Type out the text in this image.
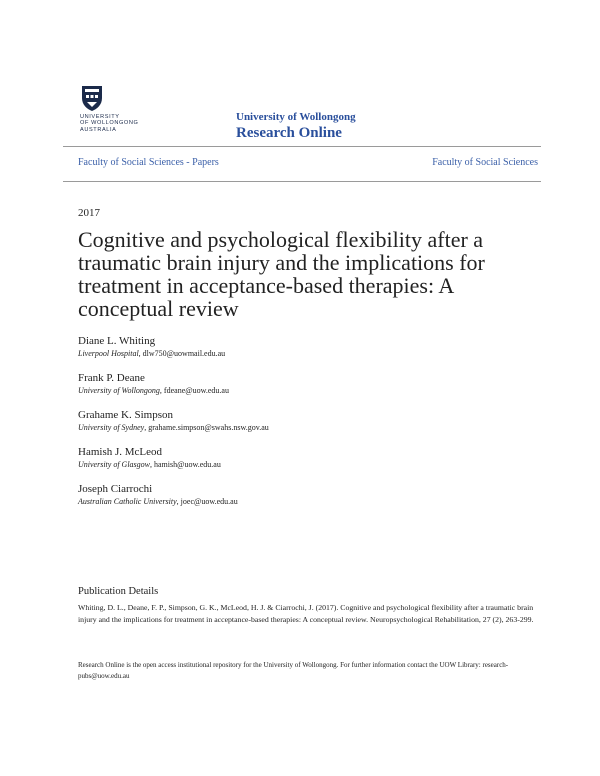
UNIVERSITY
OF WOLLONGONG
AUSTRALIA
University of Wollongong
Research Online
Faculty of Social Sciences - Papers	Faculty of Social Sciences
2017
Cognitive and psychological flexibility after a traumatic brain injury and the implications for treatment in acceptance-based therapies: A conceptual review
Diane L. Whiting
Liverpool Hospital, dlw750@uowmail.edu.au
Frank P. Deane
University of Wollongong, fdeane@uow.edu.au
Grahame K. Simpson
University of Sydney, grahame.simpson@swahs.nsw.gov.au
Hamish J. McLeod
University of Glasgow, hamish@uow.edu.au
Joseph Ciarrochi
Australian Catholic University, joec@uow.edu.au
Publication Details
Whiting, D. L., Deane, F. P., Simpson, G. K., McLeod, H. J. & Ciarrochi, J. (2017). Cognitive and psychological flexibility after a traumatic brain injury and the implications for treatment in acceptance-based therapies: A conceptual review. Neuropsychological Rehabilitation, 27 (2), 263-299.
Research Online is the open access institutional repository for the University of Wollongong. For further information contact the UOW Library: research-pubs@uow.edu.au
